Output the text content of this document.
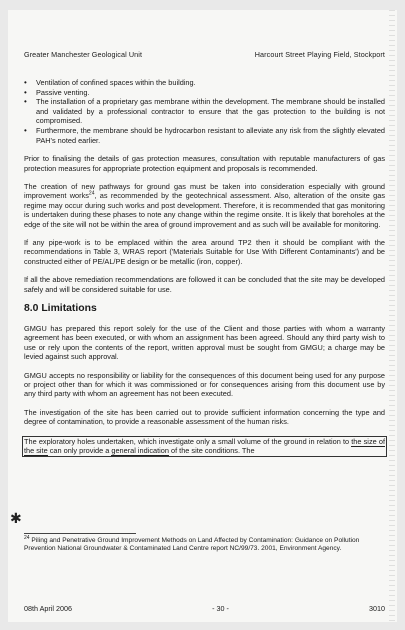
Greater Manchester Geological Unit	Harcourt Street Playing Field, Stockport
• Ventilation of confined spaces within the building.
• Passive venting.
• The installation of a proprietary gas membrane within the development. The membrane should be installed and validated by a professional contractor to ensure that the gas protection to the building is not compromised.
• Furthermore, the membrane should be hydrocarbon resistant to alleviate any risk from the slightly elevated PAH's noted earlier.

Prior to finalising the details of gas protection measures, consultation with reputable manufacturers of gas protection measures for appropriate protection equipment and proposals is recommended.

The creation of new pathways for ground gas must be taken into consideration especially with ground improvement works$^{24}$, as recommended by the geotechnical assessment. Also, alteration of the onsite gas regime may occur during such works and post development. Therefore, it is recommended that gas monitoring is undertaken during these phases to note any change within the regime onsite. It is likely that boreholes at the edge of the site will not be within the area of ground improvement and as such will be available for monitoring.

If any pipe-work is to be emplaced within the area around TP2 then it should be compliant with the recommendations in Table 3, WRAS report ('Materials Suitable for Use With Different Contaminants') and be constructed either of PE/AL/PE design or be metallic (iron, copper).

If all the above remediation recommendations are followed it can be concluded that the site may be developed safely and will be considered suitable for use.

8.0 Limitations

GMGU has prepared this report solely for the use of the Client and those parties with whom a warranty agreement has been executed, or with whom an assignment has been agreed. Should any third party wish to use or rely upon the contents of the report, written approval must be sought from GMGU; a charge may be levied against such approval.

GMGU accepts no responsibility or liability for the consequences of this document being used for any purpose or project other than for which it was commissioned or for consequences arising from this document use by any third party with whom an agreement has not been executed.

The investigation of the site has been carried out to provide sufficient information concerning the type and degree of contamination, to provide a reasonable assessment of the human risks.

The exploratory holes undertaken, which investigate only a small volume of the ground in relation to the size of the site can only provide a general indication of the site conditions. The

✱
$^{24}$ Piling and Penetrative Ground Improvement Methods on Land Affected by Contamination: Guidance on Pollution Prevention National Groundwater & Contaminated Land Centre report NC/99/73. 2001, Environment Agency.
08th April 2006	- 30 -	3010
